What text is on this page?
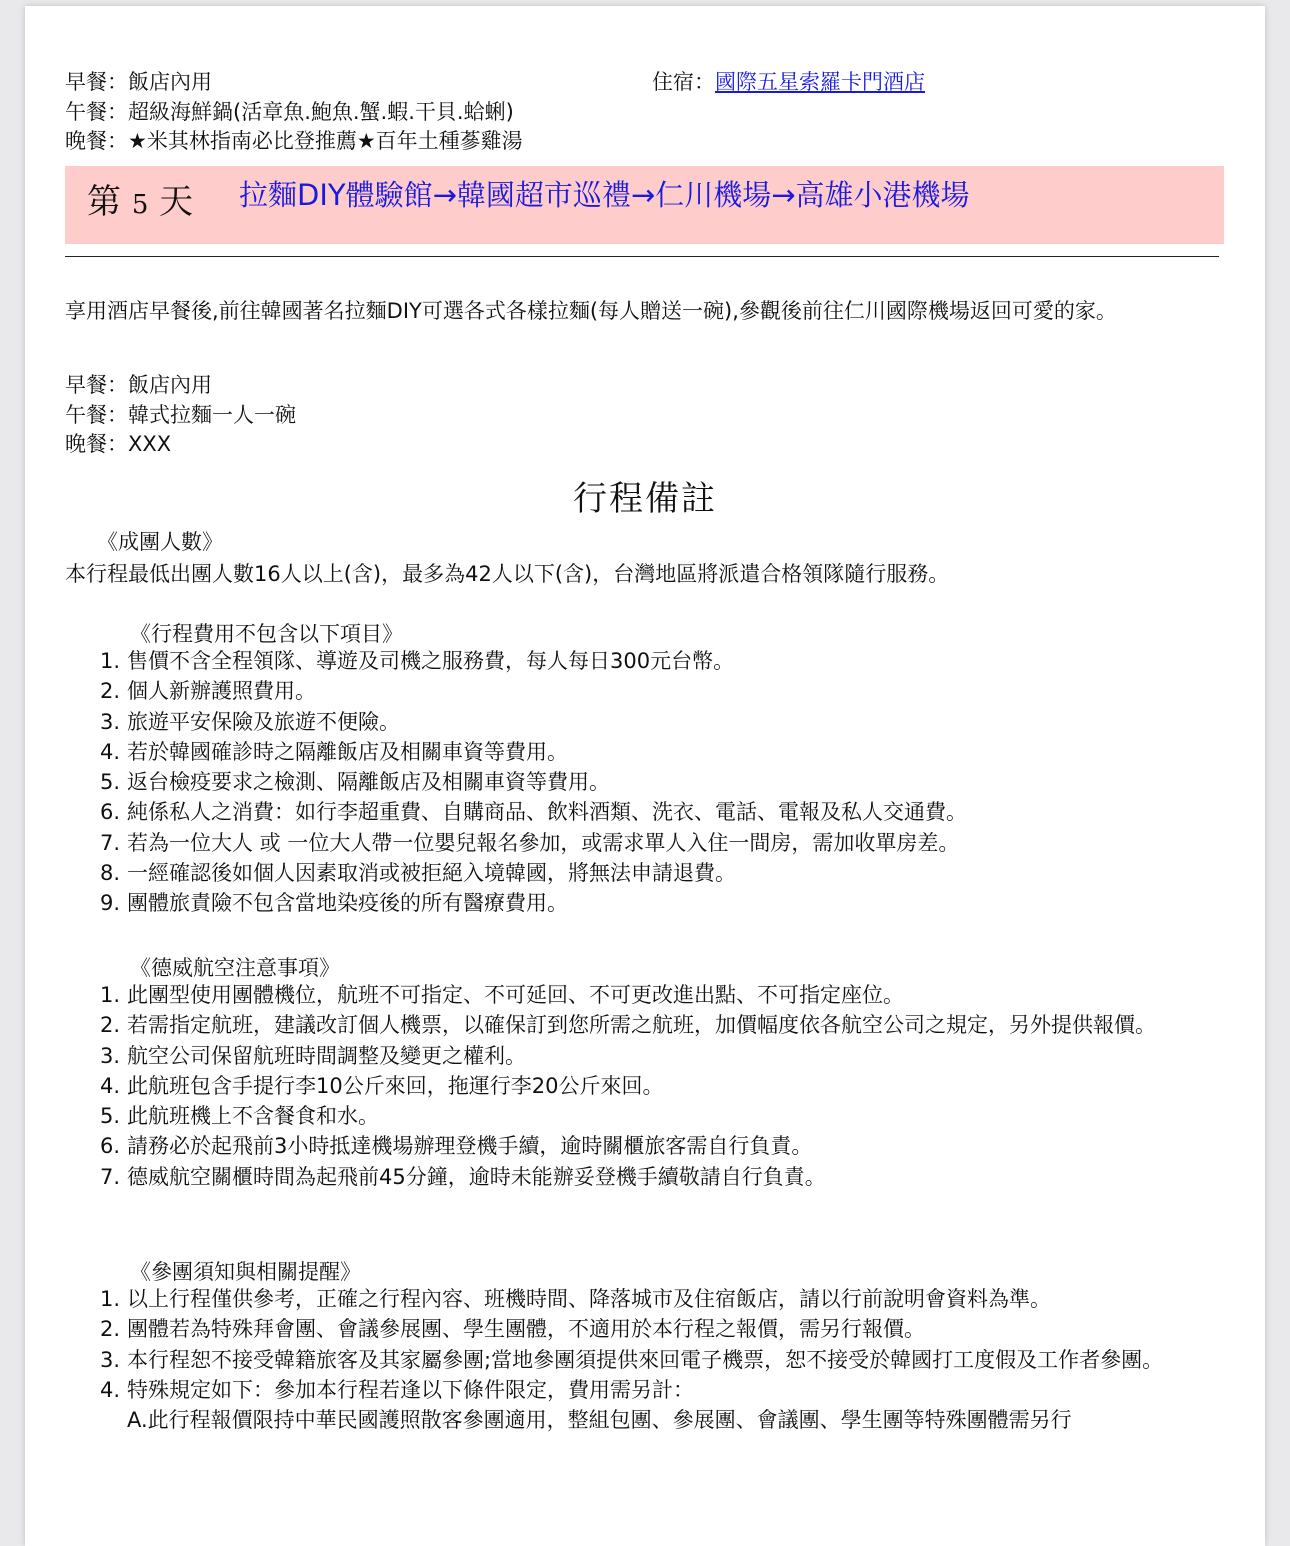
早餐：飯店內用
午餐：超級海鮮鍋(活章魚.鮑魚.蟹.蝦.干貝.蛤蜊)
晚餐：★米其林指南必比登推薦★百年土種蔘雞湯
住宿：國際五星索羅卡門酒店
第 5 天 拉麵DIY體驗館→韓國超市巡禮→仁川機場→高雄小港機場
享用酒店早餐後,前往韓國著名拉麵DIY可選各式各樣拉麵(每人贈送一碗),參觀後前往仁川國際機場返回可愛的家。
早餐：飯店內用
午餐：韓式拉麵一人一碗
晚餐：XXX
行程備註
《成團人數》
本行程最低出團人數16人以上(含)，最多為42人以下(含)，台灣地區將派遣合格領隊隨行服務。
《行程費用不包含以下項目》
1. 售價不含全程領隊、導遊及司機之服務費，每人每日300元台幣。
2. 個人新辦護照費用。
3. 旅遊平安保險及旅遊不便險。
4. 若於韓國確診時之隔離飯店及相關車資等費用。
5. 返台檢疫要求之檢測、隔離飯店及相關車資等費用。
6. 純係私人之消費：如行李超重費、自購商品、飲料酒類、洗衣、電話、電報及私人交通費。
7. 若為一位大人 或 一位大人帶一位嬰兒報名參加，或需求單人入住一間房，需加收單房差。
8. 一經確認後如個人因素取消或被拒絕入境韓國，將無法申請退費。
9. 團體旅責險不包含當地染疫後的所有醫療費用。
《德威航空注意事項》
1. 此團型使用團體機位，航班不可指定、不可延回、不可更改進出點、不可指定座位。
2. 若需指定航班，建議改訂個人機票，以確保訂到您所需之航班，加價幅度依各航空公司之規定，另外提供報價。
3. 航空公司保留航班時間調整及變更之權利。
4. 此航班包含手提行李10公斤來回，拖運行李20公斤來回。
5. 此航班機上不含餐食和水。
6. 請務必於起飛前3小時抵達機場辦理登機手續，逾時關櫃旅客需自行負責。
7. 德威航空關櫃時間為起飛前45分鐘，逾時未能辦妥登機手續敬請自行負責。
《參團須知與相關提醒》
1. 以上行程僅供參考，正確之行程內容、班機時間、降落城市及住宿飯店，請以行前說明會資料為準。
2. 團體若為特殊拜會團、會議參展團、學生團體，不適用於本行程之報價，需另行報價。
3. 本行程恕不接受韓籍旅客及其家屬參團;當地參團須提供來回電子機票，恕不接受於韓國打工度假及工作者參團。
4. 特殊規定如下：參加本行程若逢以下條件限定，費用需另計：
A.此行程報價限持中華民國護照散客參團適用，整組包團、參展團、會議團、學生團等特殊團體需另行
